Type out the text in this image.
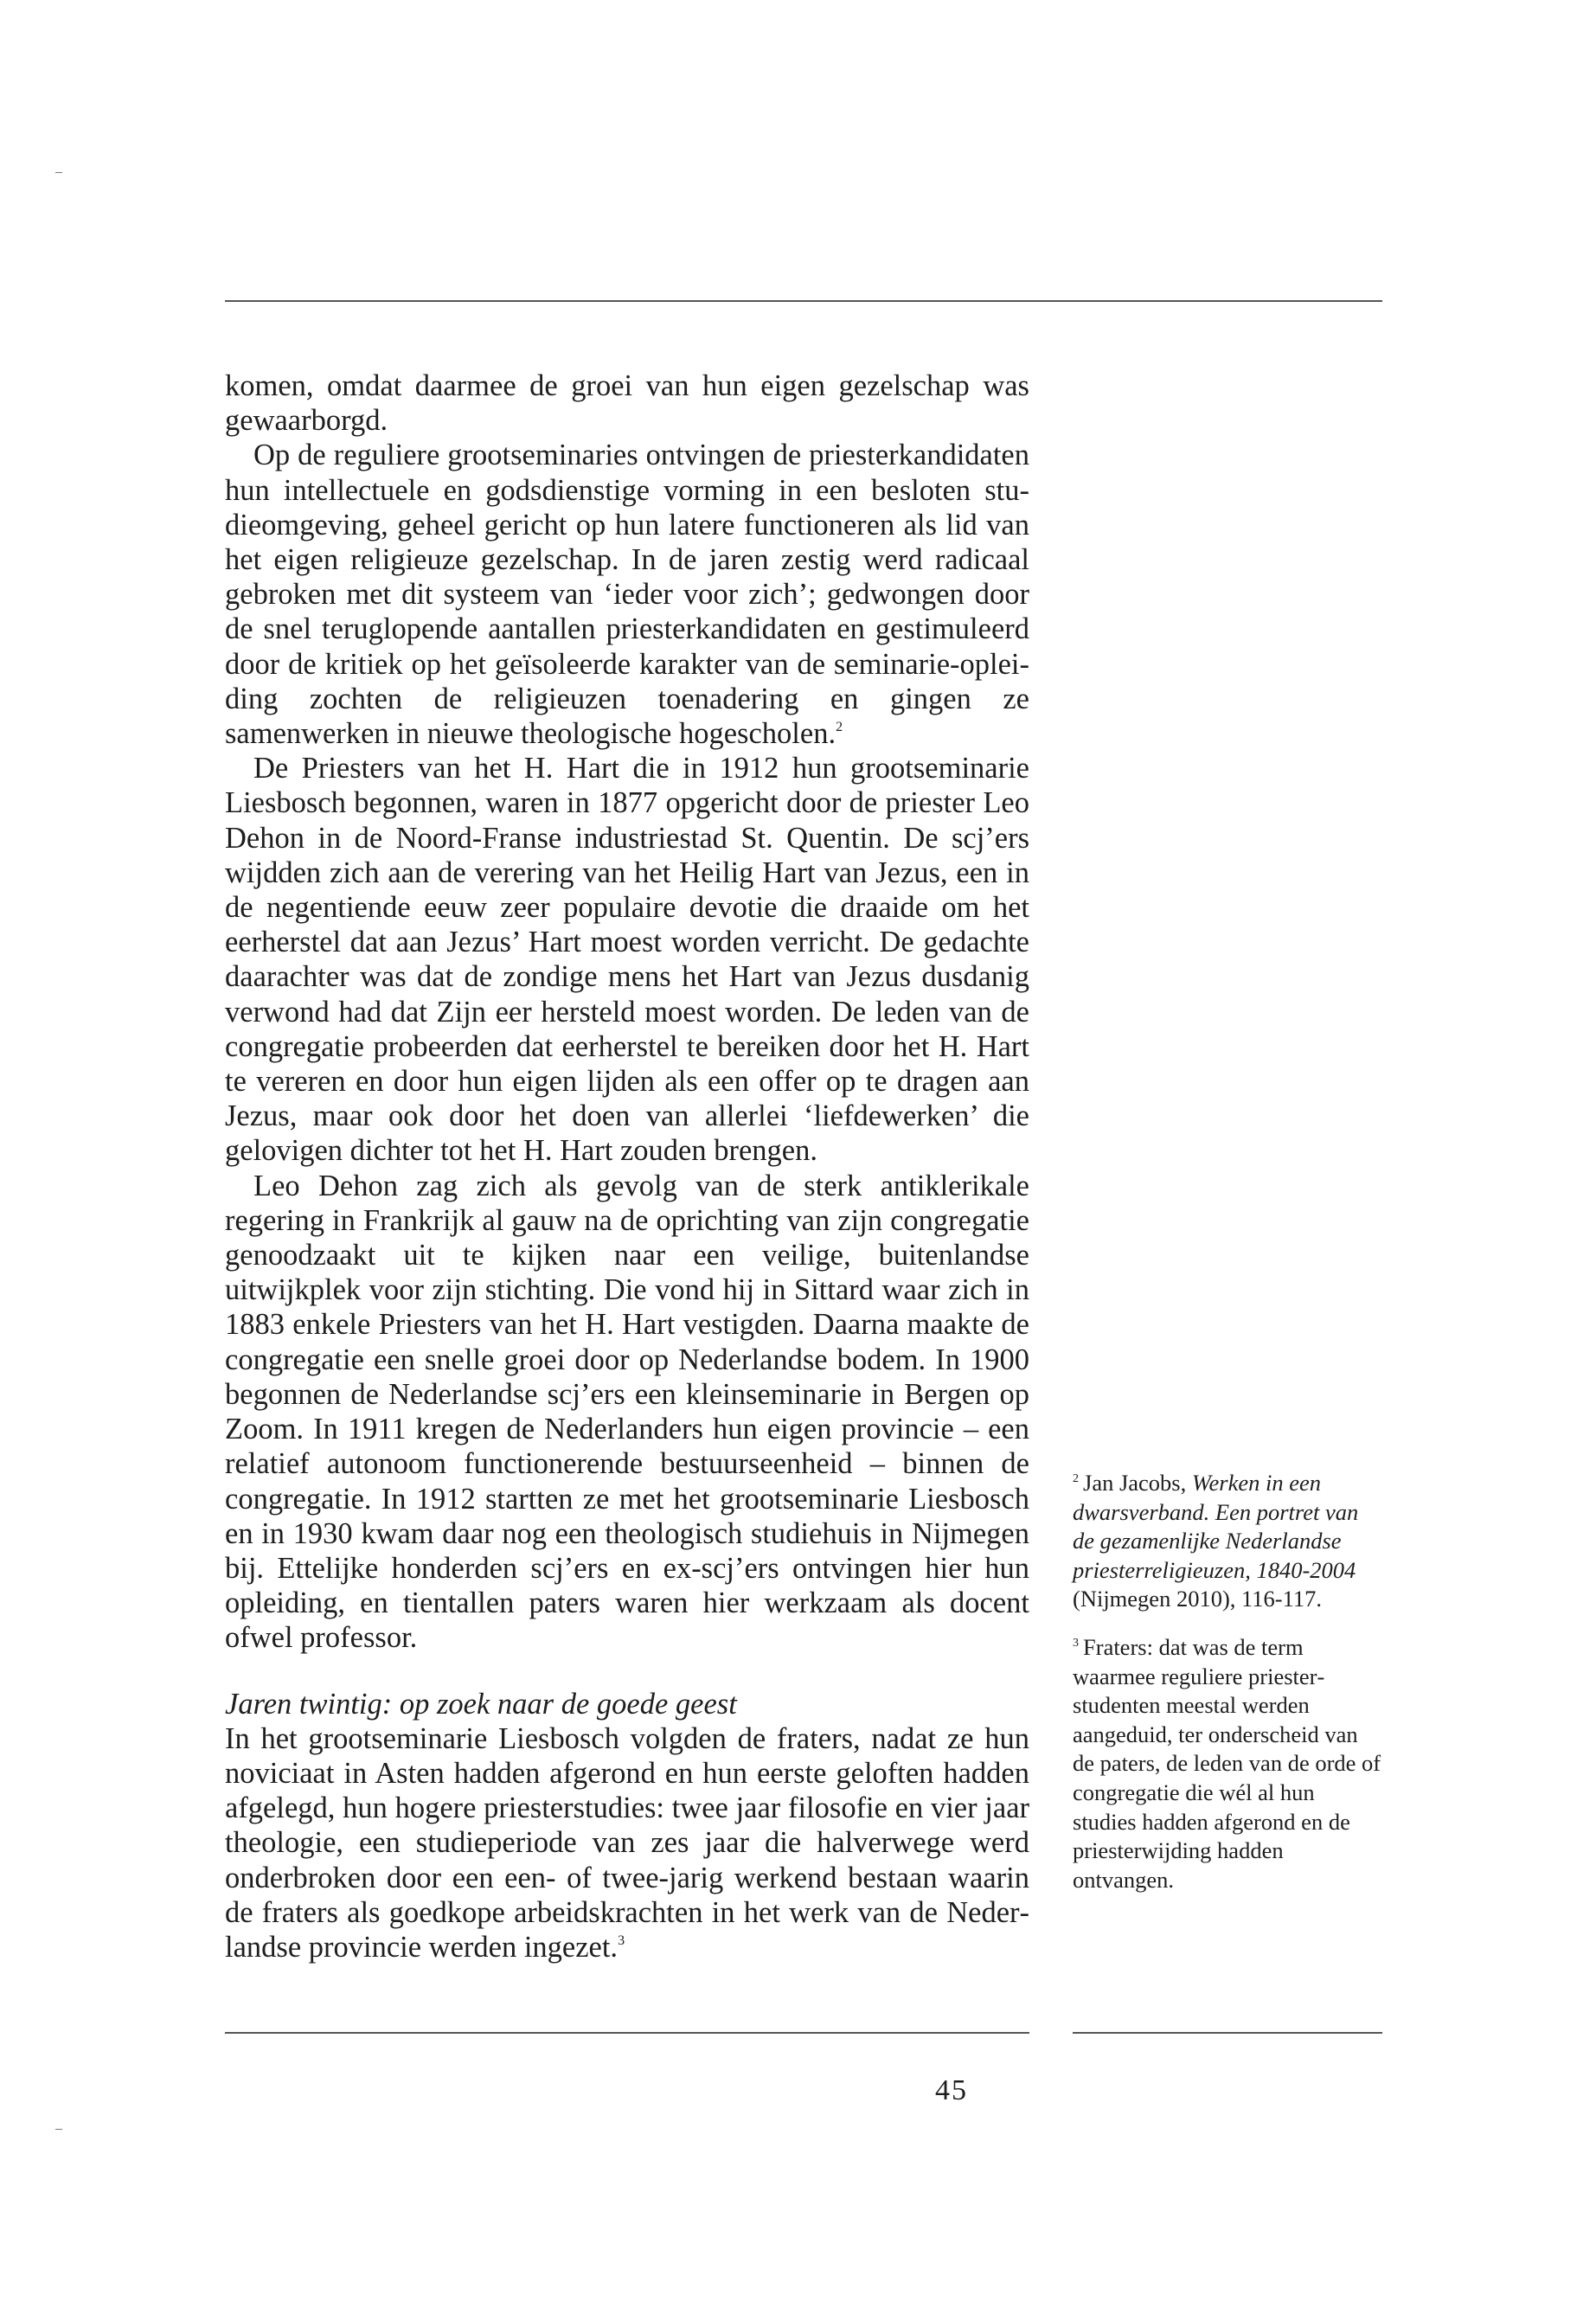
komen, omdat daarmee de groei van hun eigen gezelschap was gewaarborgd.

Op de reguliere grootseminaries ontvingen de priesterkandidaten hun intellectuele en godsdienstige vorming in een besloten studieomgeving, geheel gericht op hun latere functioneren als lid van het eigen religieuze gezelschap. In de jaren zestig werd radicaal gebroken met dit systeem van ‘ieder voor zich’; gedwongen door de snel teruglopende aantallen priesterkandidaten en gestimuleerd door de kritiek op het geïsoleerde karakter van de seminarie-opleiding zochten de religieuzen toenadering en gingen ze samenwerken in nieuwe theologische hogescholen.$^2$

De Priesters van het H. Hart die in 1912 hun grootseminarie Liesbosch begonnen, waren in 1877 opgericht door de priester Leo Dehon in de Noord-Franse industriestad St. Quentin. De scj’ers wijdden zich aan de verering van het Heilig Hart van Jezus, een in de negentiende eeuw zeer populaire devotie die draaide om het eerherstel dat aan Jezus’ Hart moest worden verricht. De gedachte daarachter was dat de zondige mens het Hart van Jezus dusdanig verwond had dat Zijn eer hersteld moest worden. De leden van de congregatie probeerden dat eerherstel te bereiken door het H. Hart te vereren en door hun eigen lijden als een offer op te dragen aan Jezus, maar ook door het doen van allerlei ‘liefdewerken’ die gelovigen dichter tot het H. Hart zouden brengen.

Leo Dehon zag zich als gevolg van de sterk antiklerikale regering in Frankrijk al gauw na de oprichting van zijn congregatie genoodzaakt uit te kijken naar een veilige, buitenlandse uitwijkplek voor zijn stichting. Die vond hij in Sittard waar zich in 1883 enkele Priesters van het H. Hart vestigden. Daarna maakte de congregatie een snelle groei door op Nederlandse bodem. In 1900 begonnen de Nederlandse scj’ers een kleinseminarie in Bergen op Zoom. In 1911 kregen de Nederlanders hun eigen provincie – een relatief autonoom functionerende bestuurseenheid – binnen de congregatie. In 1912 startten ze met het grootseminarie Liesbosch en in 1930 kwam daar nog een theologisch studiehuis in Nijmegen bij. Ettelijke honderden scj’ers en ex-scj’ers ontvingen hier hun opleiding, en tientallen paters waren hier werkzaam als docent ofwel professor.

Jaren twintig: op zoek naar de goede geest

In het grootseminarie Liesbosch volgden de fraters, nadat ze hun noviciaat in Asten hadden afgerond en hun eerste geloften hadden afgelegd, hun hogere priesterstudies: twee jaar filosofie en vier jaar theologie, een studieperiode van zes jaar die halverwege werd onderbroken door een een- of twee-jarig werkend bestaan waarin de fraters als goedkope arbeidskrachten in het werk van de Nederlandse provincie werden ingezet.$^3$

$^2$ Jan Jacobs, Werken in een dwarsverband. Een portret van de gezamenlijke Nederlandse priesterreligieuzen, 1840-2004 (Nijmegen 2010), 116-117.

$^3$ Fraters: dat was de term waarmee reguliere priesterstudenten meestal werden aangeduid, ter onderscheid van de paters, de leden van de orde of congregatie die wél al hun studies hadden afgerond en de priesterwijding hadden ontvangen.

45
